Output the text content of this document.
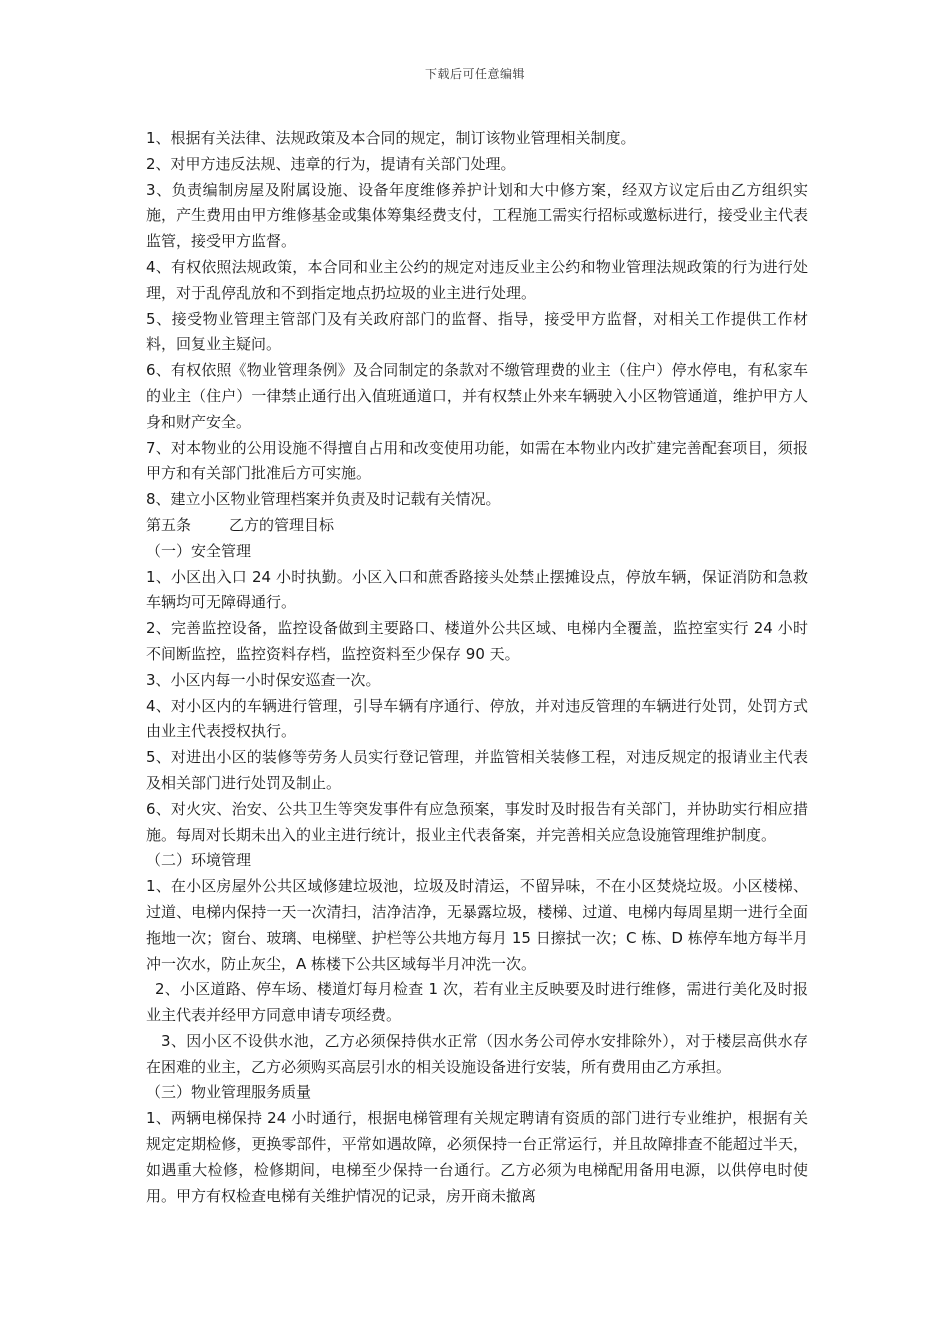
下载后可任意编辑

1、根据有关法律、法规政策及本合同的规定，制订该物业管理相关制度。

2、对甲方违反法规、违章的行为，提请有关部门处理。

3、负责编制房屋及附属设施、设备年度维修养护计划和大中修方案，经双方议定后由乙方组织实施，产生费用由甲方维修基金或集体筹集经费支付，工程施工需实行招标或邀标进行，接受业主代表监管，接受甲方监督。

4、有权依照法规政策，本合同和业主公约的规定对违反业主公约和物业管理法规政策的行为进行处理，对于乱停乱放和不到指定地点扔垃圾的业主进行处理。

5、接受物业管理主管部门及有关政府部门的监督、指导，接受甲方监督，对相关工作提供工作材料，回复业主疑问。

6、有权依照《物业管理条例》及合同制定的条款对不缴管理费的业主（住户）停水停电，有私家车的业主（住户）一律禁止通行出入值班通道口，并有权禁止外来车辆驶入小区物管通道，维护甲方人身和财产安全。

7、对本物业的公用设施不得擅自占用和改变使用功能，如需在本物业内改扩建完善配套项目，须报甲方和有关部门批准后方可实施。

8、建立小区物业管理档案并负责及时记载有关情况。

第五条	乙方的管理目标

（一）安全管理

1、小区出入口 24 小时执勤。小区入口和蔗香路接头处禁止摆摊设点，停放车辆，保证消防和急救车辆均可无障碍通行。

2、完善监控设备，监控设备做到主要路口、楼道外公共区域、电梯内全覆盖，监控室实行 24 小时不间断监控，监控资料存档，监控资料至少保存 90 天。

3、小区内每一小时保安巡查一次。

4、对小区内的车辆进行管理，引导车辆有序通行、停放，并对违反管理的车辆进行处罚，处罚方式由业主代表授权执行。

5、对进出小区的装修等劳务人员实行登记管理，并监管相关装修工程，对违反规定的报请业主代表及相关部门进行处罚及制止。

6、对火灾、治安、公共卫生等突发事件有应急预案，事发时及时报告有关部门，并协助实行相应措施。每周对长期未出入的业主进行统计，报业主代表备案，并完善相关应急设施管理维护制度。

（二）环境管理

1、在小区房屋外公共区域修建垃圾池，垃圾及时清运，不留异味，不在小区焚烧垃圾。小区楼梯、过道、电梯内保持一天一次清扫，洁净洁净，无暴露垃圾，楼梯、过道、电梯内每周星期一进行全面拖地一次；窗台、玻璃、电梯壁、护栏等公共地方每月 15 日擦拭一次；C 栋、D 栋停车地方每半月冲一次水，防止灰尘，A 栋楼下公共区域每半月冲洗一次。

2、小区道路、停车场、楼道灯每月检查 1 次，若有业主反映要及时进行维修，需进行美化及时报业主代表并经甲方同意申请专项经费。

3、因小区不设供水池，乙方必须保持供水正常（因水务公司停水安排除外），对于楼层高供水存在困难的业主，乙方必须购买高层引水的相关设施设备进行安装，所有费用由乙方承担。

（三）物业管理服务质量

1、两辆电梯保持 24 小时通行，根据电梯管理有关规定聘请有资质的部门进行专业维护，根据有关规定定期检修，更换零部件，平常如遇故障，必须保持一台正常运行，并且故障排查不能超过半天，如遇重大检修，检修期间，电梯至少保持一台通行。乙方必须为电梯配用备用电源，以供停电时使用。甲方有权检查电梯有关维护情况的记录，房开商未撤离
